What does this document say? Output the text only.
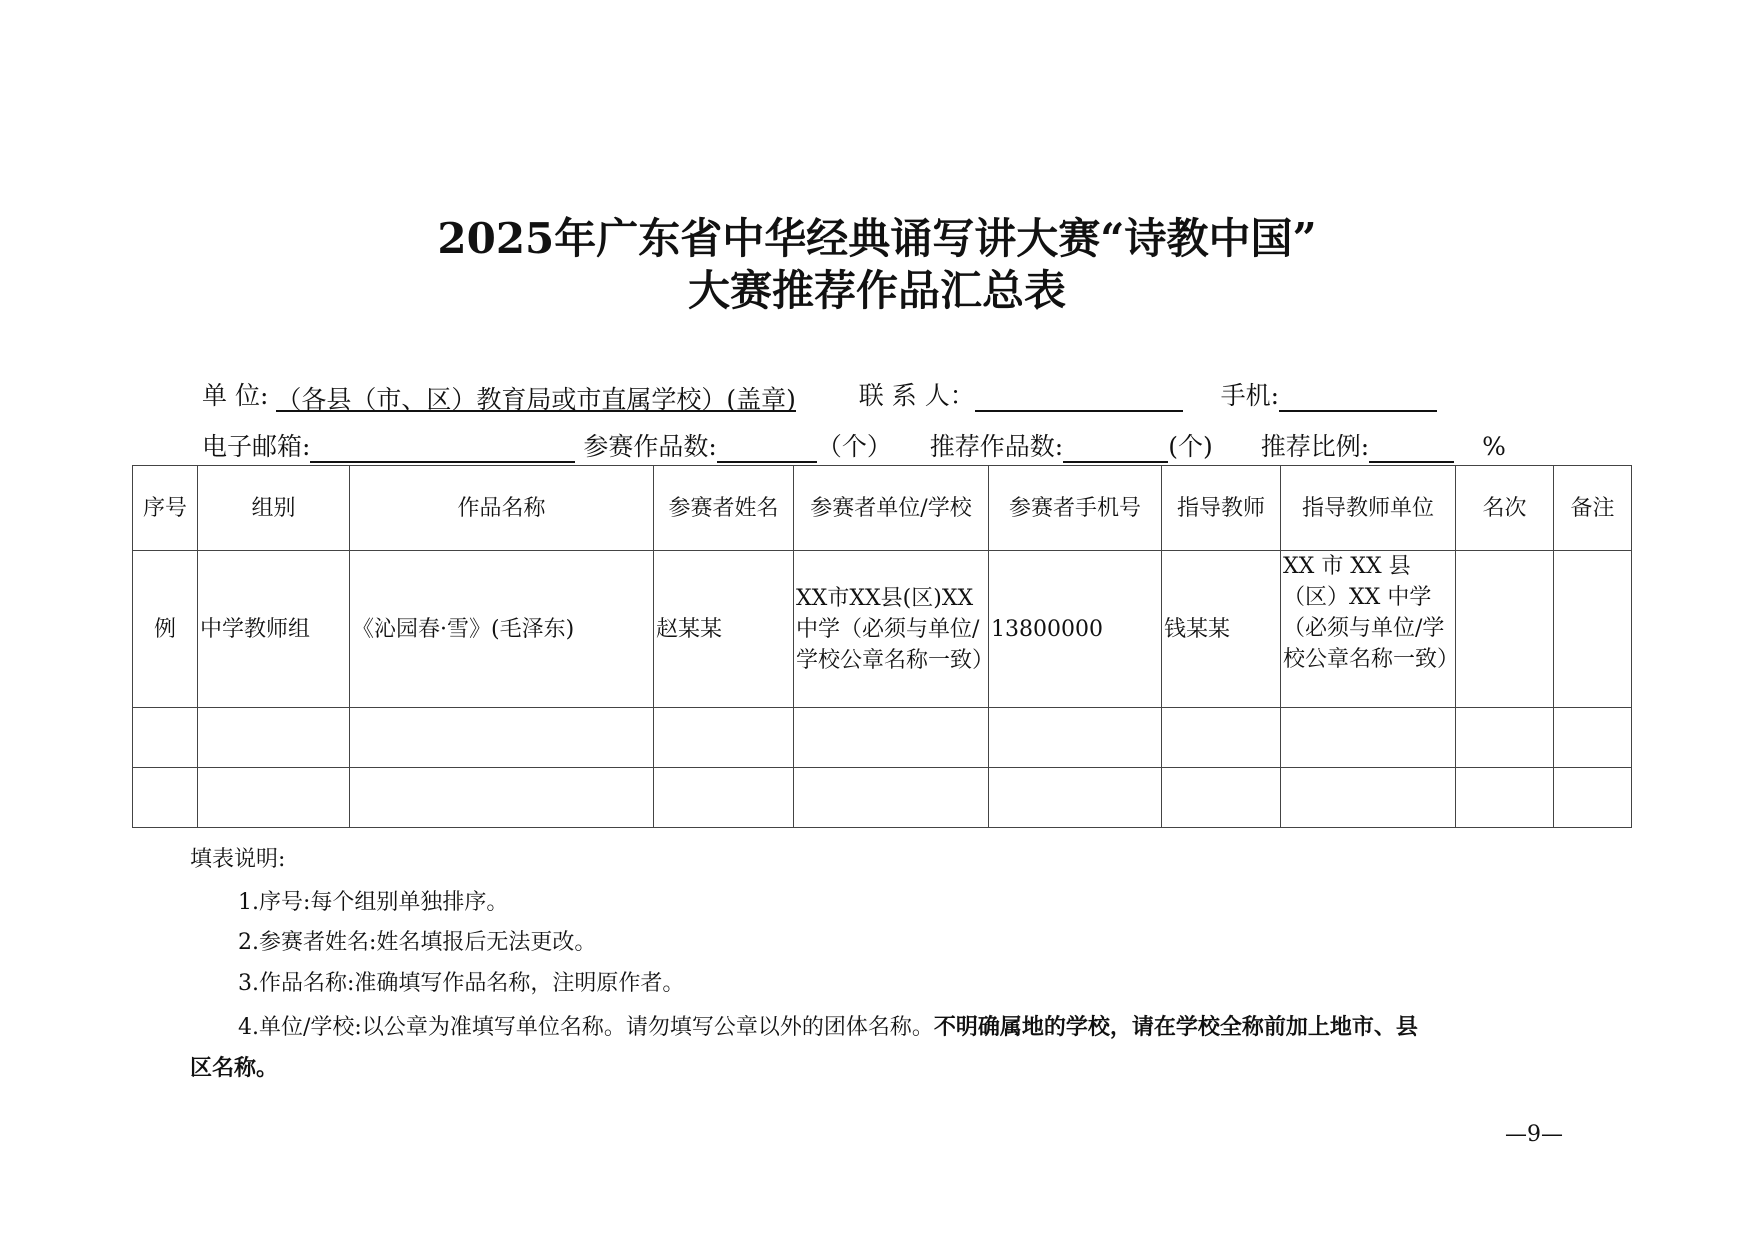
2025年广东省中华经典诵写讲大赛“诗教中国”
大赛推荐作品汇总表
单 位: （各县（市、区）教育局或市直属学校）(盖章)	联 系 人：	手机:
电子邮箱:	参赛作品数:	（个） 推荐作品数:	(个) 推荐比例:	%
序号	组别	作品名称	参赛者姓名	参赛者单位/学校	参赛者手机号	指导教师	指导教师单位	名次	备注
例	中学教师组	《沁园春·雪》(毛泽东)	赵某某	XX市XX县(区)XX中学（必须与单位/学校公章名称一致）	13800000	钱某某	XX 市 XX 县（区）XX 中学（必须与单位/学校公章名称一致）		

填表说明:
1.序号:每个组别单独排序。
2.参赛者姓名:姓名填报后无法更改。
3.作品名称:准确填写作品名称，注明原作者。
4.单位/学校:以公章为准填写单位名称。请勿填写公章以外的团体名称。不明确属地的学校，请在学校全称前加上地市、县
区名称。
—9—
